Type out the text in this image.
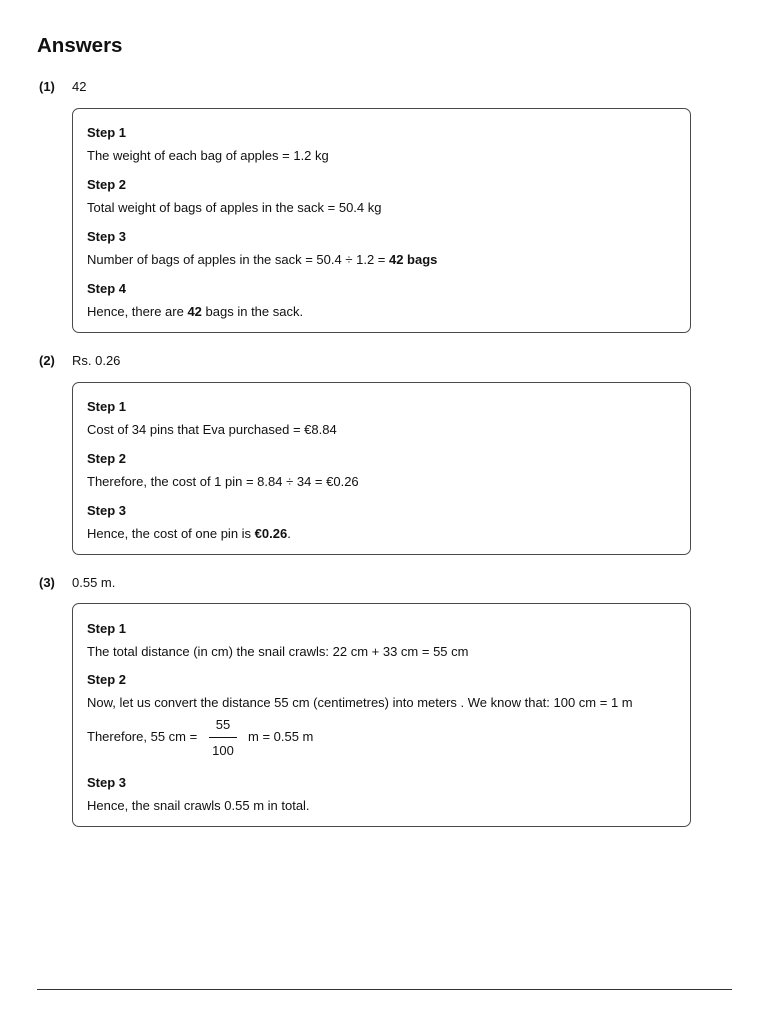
Answers
(1) 42
Step 1
The weight of each bag of apples = 1.2 kg
Step 2
Total weight of bags of apples in the sack = 50.4 kg
Step 3
Number of bags of apples in the sack = 50.4 ÷ 1.2 = 42 bags
Step 4
Hence, there are 42 bags in the sack.
(2) Rs. 0.26
Step 1
Cost of 34 pins that Eva purchased = €8.84
Step 2
Therefore, the cost of 1 pin = 8.84 ÷ 34 = €0.26
Step 3
Hence, the cost of one pin is €0.26.
(3) 0.55 m.
Step 1
The total distance (in cm) the snail crawls: 22 cm + 33 cm = 55 cm
Step 2
Now, let us convert the distance 55 cm (centimetres) into meters . We know that: 100 cm = 1 m
Therefore, 55 cm =
55
100
m = 0.55 m
Step 3
Hence, the snail crawls 0.55 m in total.
